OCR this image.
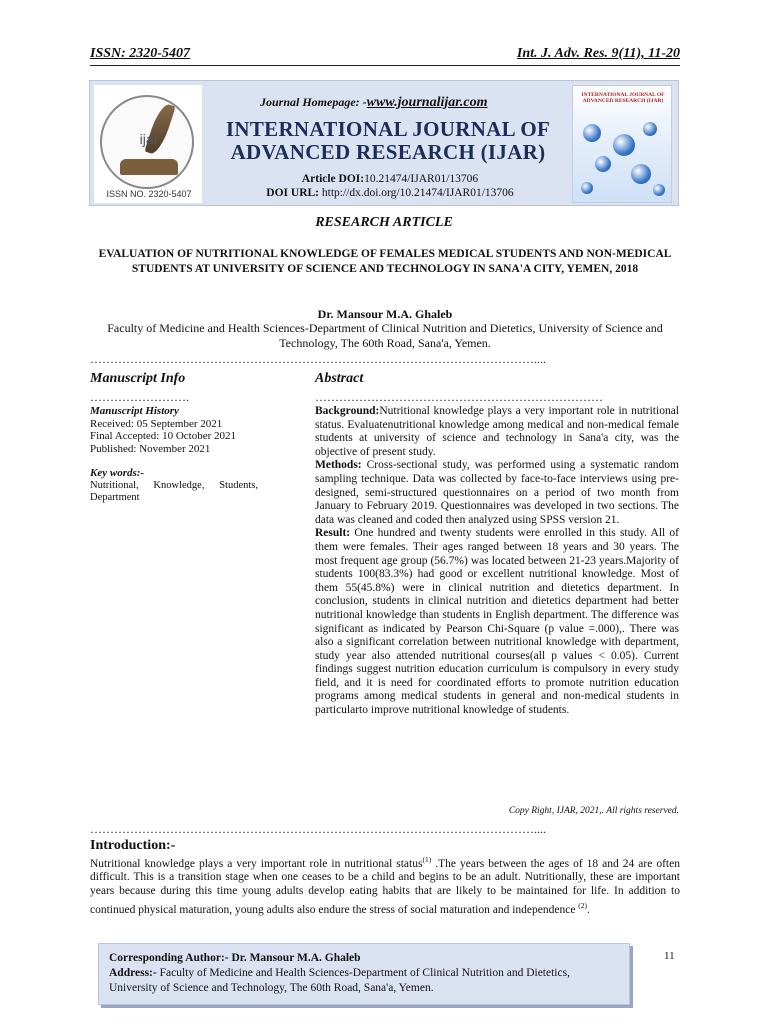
ISSN: 2320-5407	Int. J. Adv. Res. 9(11), 11-20
ijar
ISSN NO. 2320-5407
Journal Homepage: -www.journalijar.com
INTERNATIONAL JOURNAL OF
ADVANCED RESEARCH (IJAR)
Article DOI:10.21474/IJAR01/13706
DOI URL: http://dx.doi.org/10.21474/IJAR01/13706
INTERNATIONAL JOURNAL OF ADVANCED RESEARCH (IJAR)
RESEARCH ARTICLE
EVALUATION OF NUTRITIONAL KNOWLEDGE OF FEMALES MEDICAL STUDENTS AND NON-MEDICAL STUDENTS AT UNIVERSITY OF SCIENCE AND TECHNOLOGY IN SANA'A CITY, YEMEN, 2018
Dr. Mansour M.A. Ghaleb
Faculty of Medicine and Health Sciences-Department of Clinical Nutrition and Dietetics, University of Science and Technology, The 60th Road, Sana'a, Yemen.
…………………………………………………………………………………………………....
Manuscript Info
…………………….
Manuscript History
Received: 05 September 2021
Final Accepted: 10 October 2021
Published: November 2021
Key words:-
Nutritional, Knowledge, Students,
Department
Abstract
………………………………………………………………

Background:Nutritional knowledge plays a very important role in nutritional status. Evaluatenutritional knowledge among medical and non-medical female students at university of science and technology in Sana'a city, was the objective of present study.

Methods: Cross-sectional study, was performed using a systematic random sampling technique. Data was collected by face-to-face interviews using pre-designed, semi-structured questionnaires on a period of two month from January to February 2019. Questionnaires was developed in two sections. The data was cleaned and coded then analyzed using SPSS version 21.

Result: One hundred and twenty students were enrolled in this study. All of them were females. Their ages ranged between 18 years and 30 years. The most frequent age group (56.7%) was located between 21-23 years.Majority of students 100(83.3%) had good or excellent nutritional knowledge. Most of them 55(45.8%) were in clinical nutrition and dietetics department. In conclusion, students in clinical nutrition and dietetics department had better nutritional knowledge than students in English department. The difference was significant as indicated by Pearson Chi-Square (p value =.000),. There was also a significant correlation between nutritional knowledge with department, study year also attended nutritional courses(all p values < 0.05). Current findings suggest nutrition education curriculum is compulsory in every study field, and it is need for coordinated efforts to promote nutrition education programs among medical students in general and non-medical students in particularto improve nutritional knowledge of students.

Copy Right, IJAR, 2021,. All rights reserved.
…………………………………………………………………………………………………....
Introduction:-
Nutritional knowledge plays a very important role in nutritional status$^{(1)}$ .The years between the ages of 18 and 24 are often difficult. This is a transition stage when one ceases to be a child and begins to be an adult. Nutritionally, these are important years because during this time young adults develop eating habits that are likely to be maintained for life. In addition to continued physical maturation, young adults also endure the stress of social maturation and independence $^{(2)}$.
Corresponding Author:- Dr. Mansour M.A. Ghaleb
Address:- Faculty of Medicine and Health Sciences-Department of Clinical Nutrition and Dietetics, University of Science and Technology, The 60th Road, Sana'a, Yemen.
11
